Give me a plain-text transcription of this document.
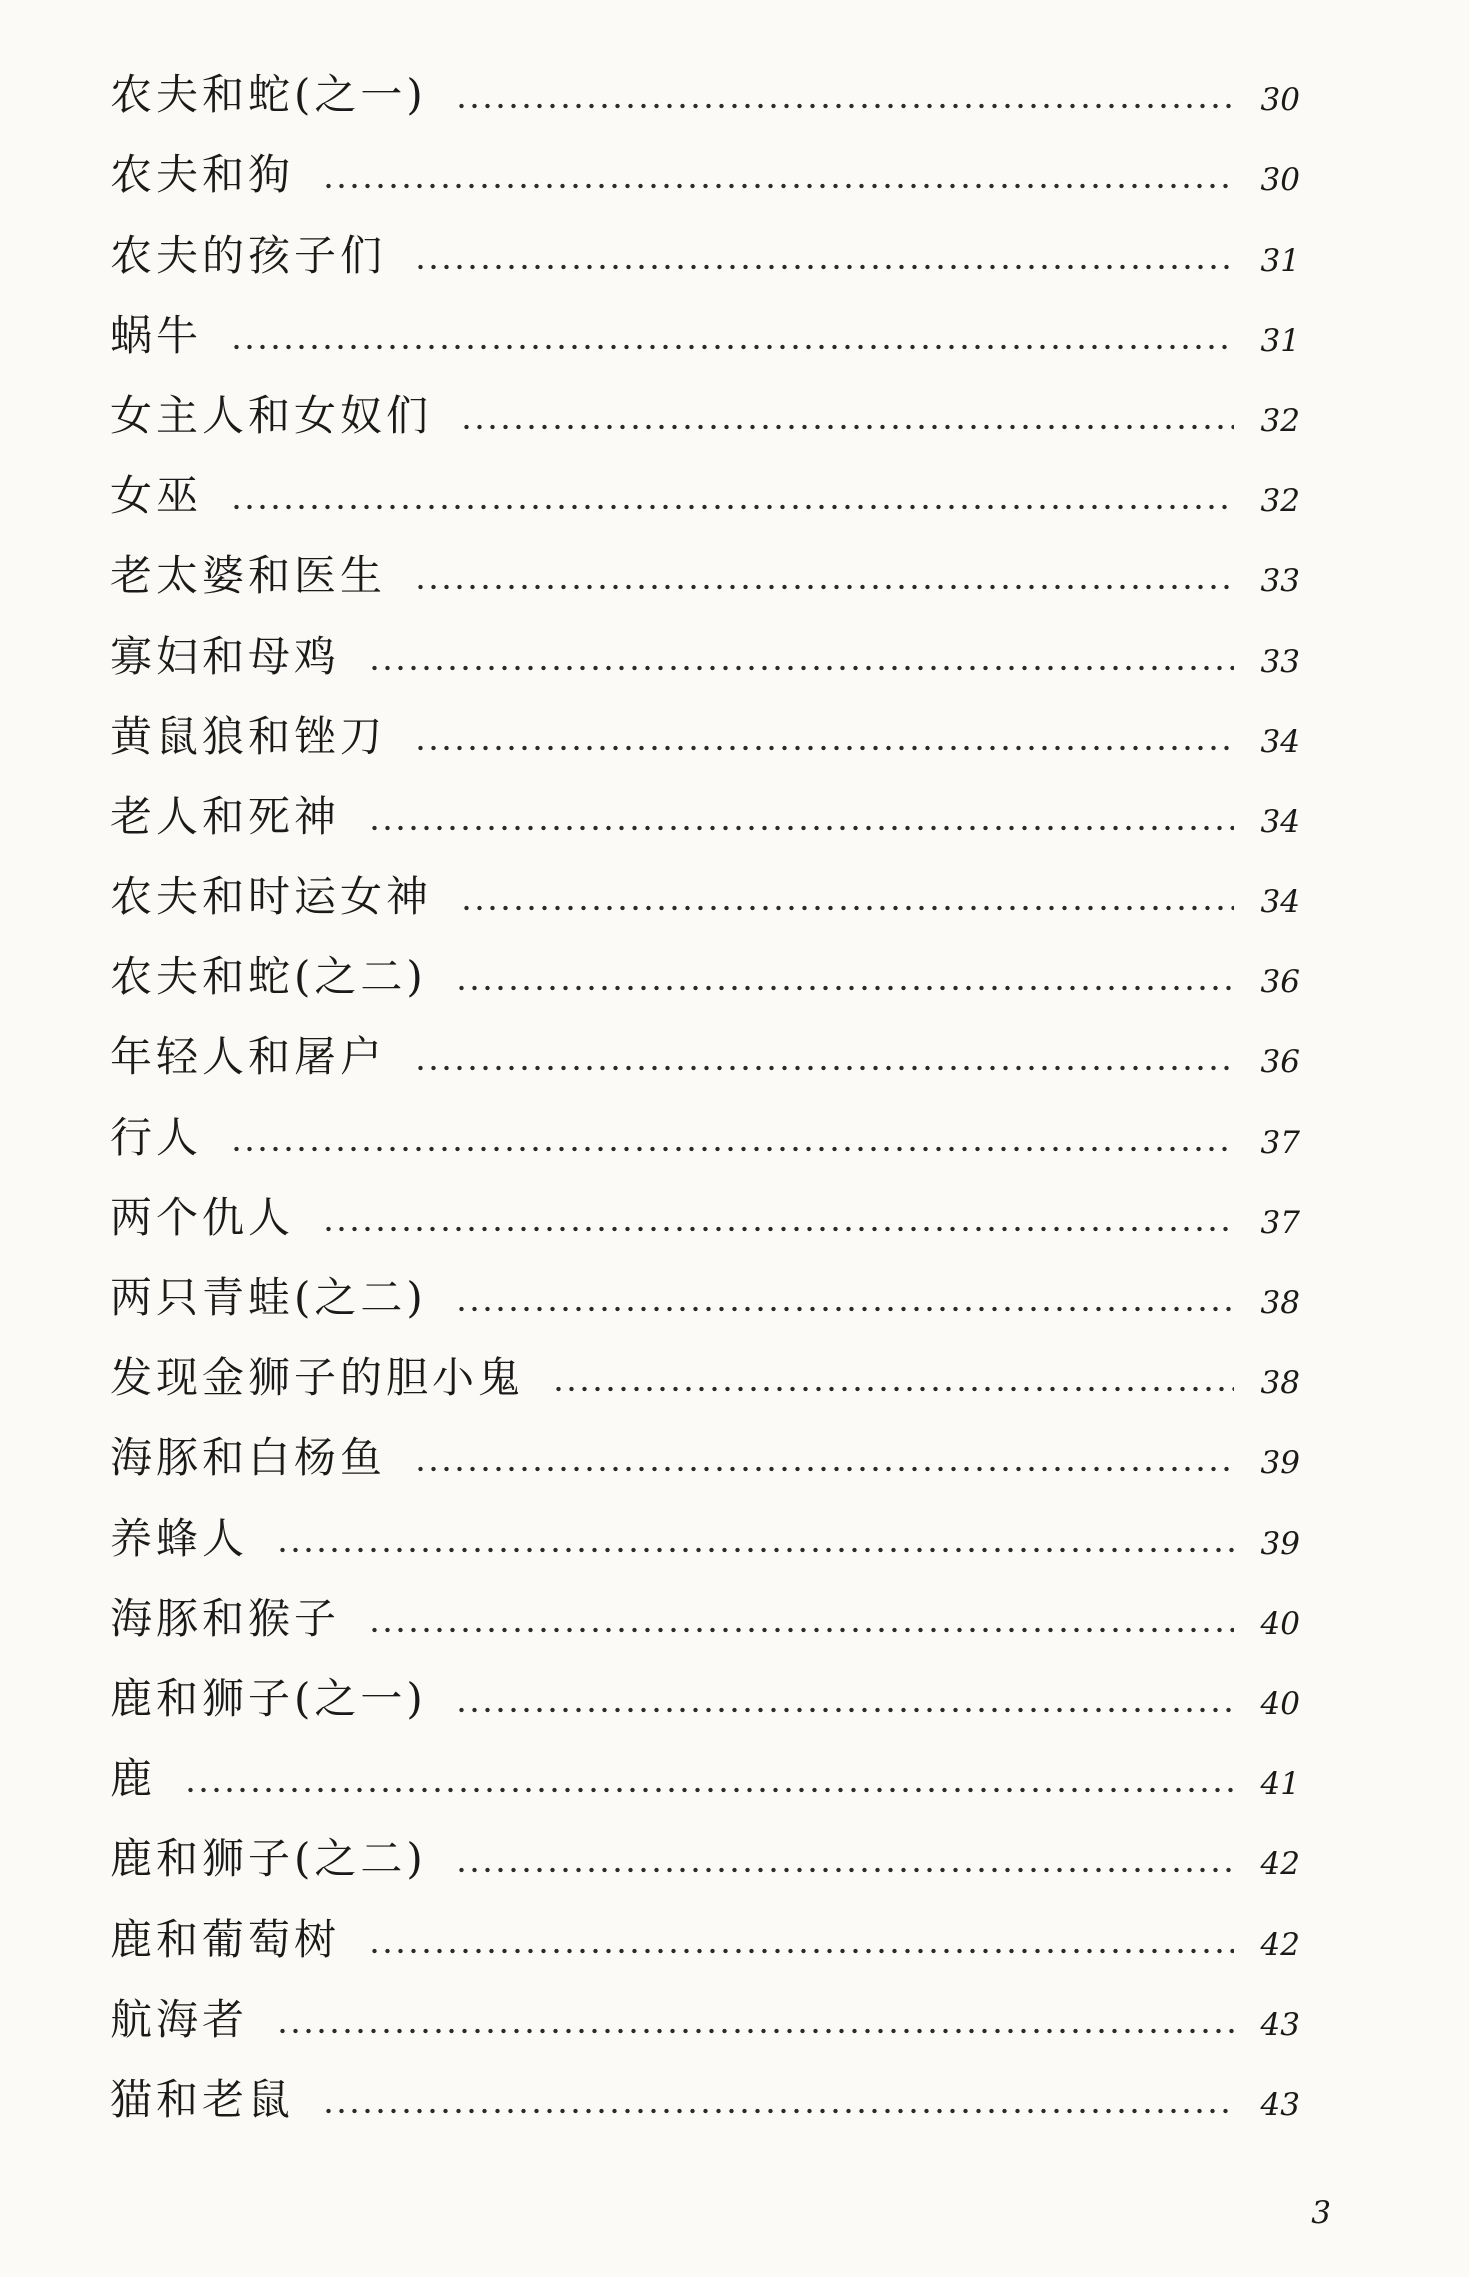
农夫和蛇(之一)	30
农夫和狗	30
农夫的孩子们	31
蜗牛	31
女主人和女奴们	32
女巫	32
老太婆和医生	33
寡妇和母鸡	33
黄鼠狼和锉刀	34
老人和死神	34
农夫和时运女神	34
农夫和蛇(之二)	36
年轻人和屠户	36
行人	37
两个仇人	37
两只青蛙(之二)	38
发现金狮子的胆小鬼	38
海豚和白杨鱼	39
养蜂人	39
海豚和猴子	40
鹿和狮子(之一)	40
鹿	41
鹿和狮子(之二)	42
鹿和葡萄树	42
航海者	43
猫和老鼠	43
3
